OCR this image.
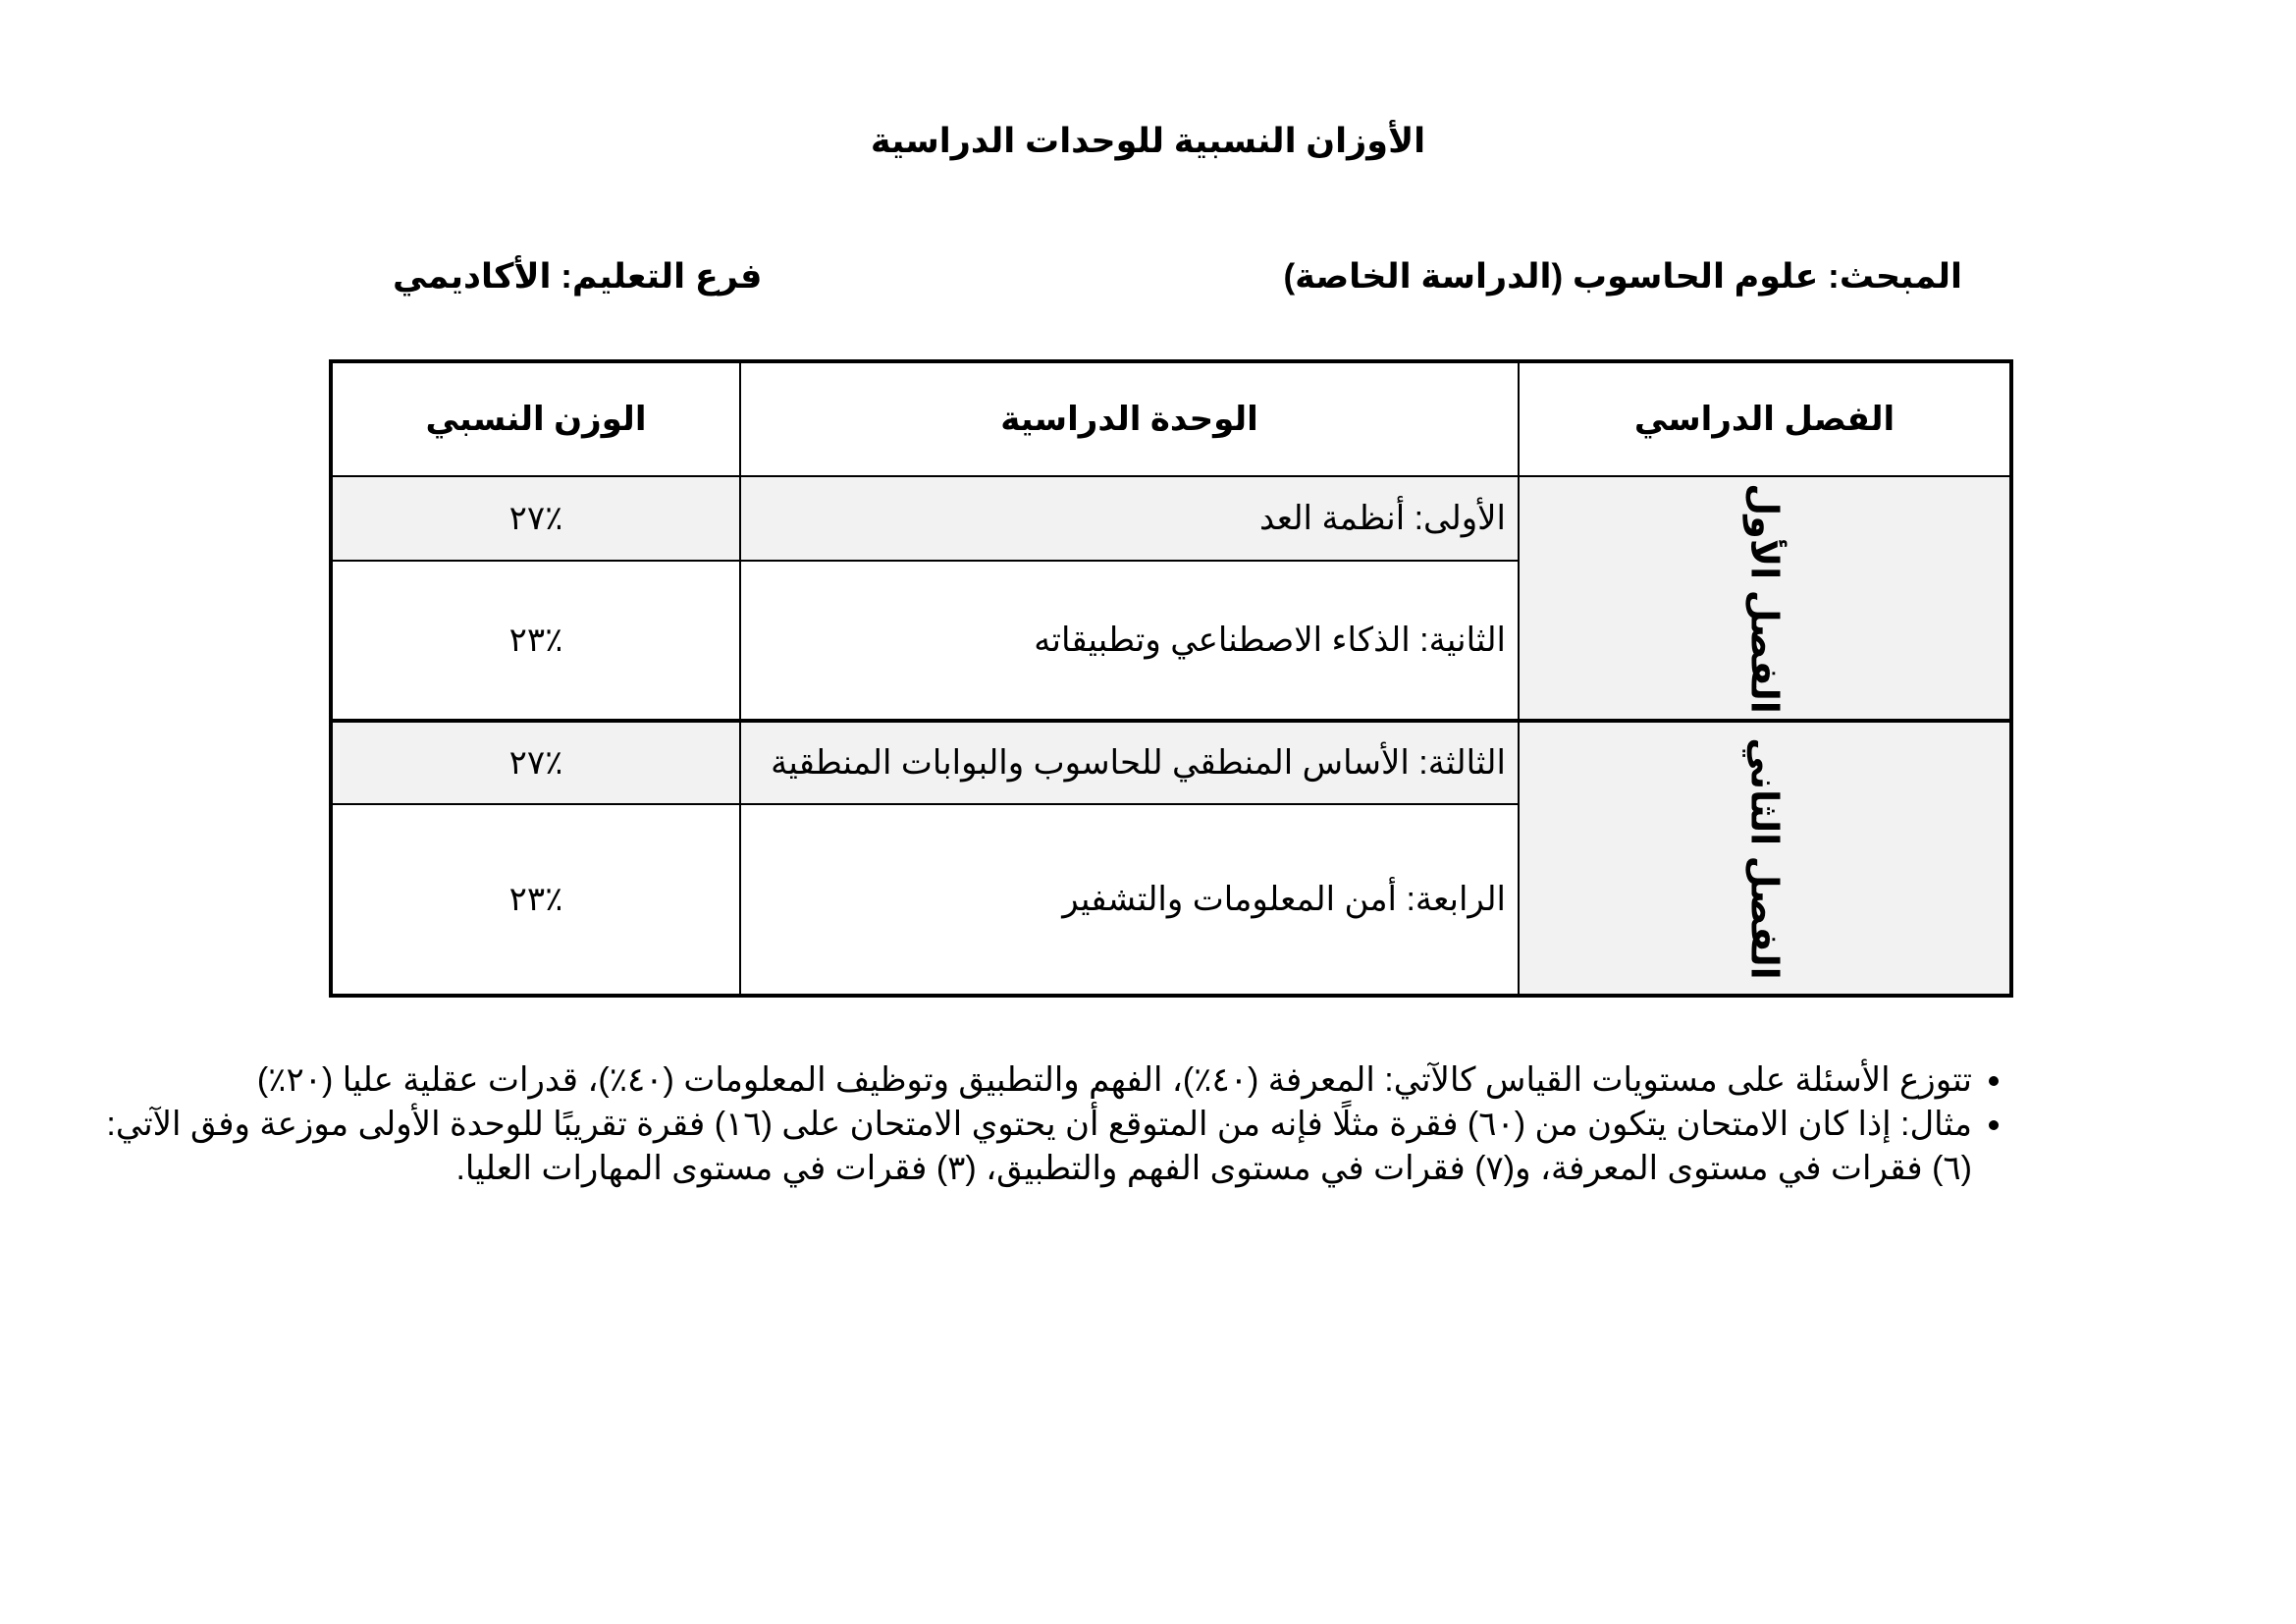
الأوزان النسبية للوحدات الدراسية
المبحث: علوم الحاسوب (الدراسة الخاصة)
فرع التعليم: الأكاديمي
الفصل الدراسي	الوحدة الدراسية	الوزن النسبي
الفصل الأول	الأولى: أنظمة العد	٪٢٧
	الثانية: الذكاء الاصطناعي وتطبيقاته	٪٢٣
الفصل الثاني	الثالثة: الأساس المنطقي للحاسوب والبوابات المنطقية	٪٢٧
	الرابعة: أمن المعلومات والتشفير	٪٢٣
• تتوزع الأسئلة على مستويات القياس كالآتي: المعرفة (٤٠٪)، الفهم والتطبيق وتوظيف المعلومات (٤٠٪)، قدرات عقلية عليا (٢٠٪)
• مثال: إذا كان الامتحان يتكون من (٦٠) فقرة مثلًا فإنه من المتوقع أن يحتوي الامتحان على (١٦) فقرة تقريبًا للوحدة الأولى موزعة وفق الآتي: (٦) فقرات في مستوى المعرفة، و(٧) فقرات في مستوى الفهم والتطبيق، (٣) فقرات في مستوى المهارات العليا.
